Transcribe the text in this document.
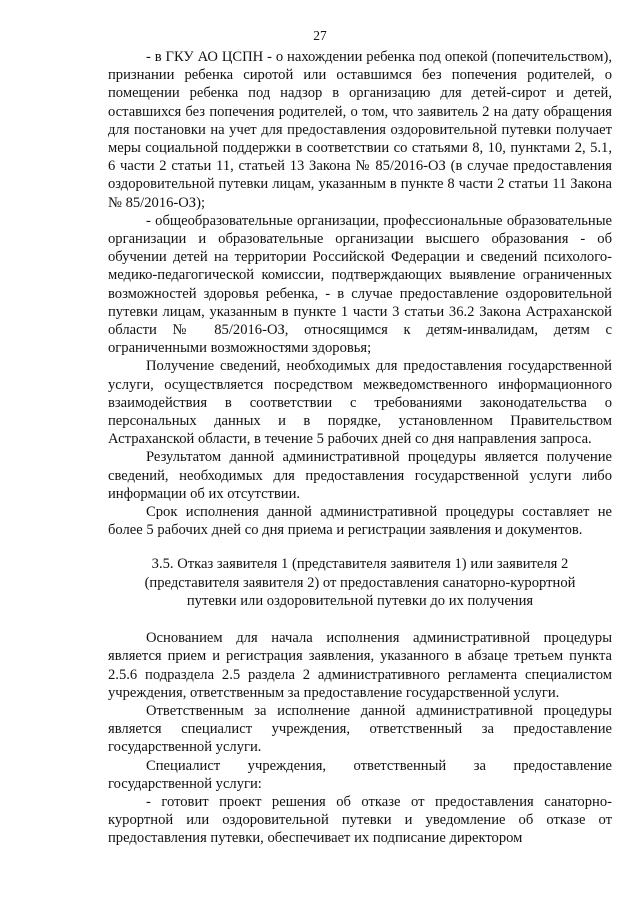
27

- в ГКУ АО ЦСПН - о нахождении ребенка под опекой (попечительством), признании ребенка сиротой или оставшимся без попечения родителей, о помещении ребенка под надзор в организацию для детей-сирот и детей, оставшихся без попечения родителей, о том, что заявитель 2 на дату обращения для постановки на учет для предоставления оздоровительной путевки получает меры социальной поддержки в соответствии со статьями 8, 10, пунктами 2, 5.1, 6 части 2 статьи 11, статьей 13 Закона № 85/2016-ОЗ (в случае предоставления оздоровительной путевки лицам, указанным в пункте 8 части 2 статьи 11 Закона № 85/2016-ОЗ);

- общеобразовательные организации, профессиональные образовательные организации и образовательные организации высшего образования - об обучении детей на территории Российской Федерации и сведений психолого-медико-педагогической комиссии, подтверждающих выявление ограниченных возможностей здоровья ребенка, - в случае предоставление оздоровительной путевки лицам, указанным в пункте 1 части 3 статьи 36.2 Закона Астраханской области № 85/2016-ОЗ, относящимся к детям-инвалидам, детям с ограниченными возможностями здоровья;

Получение сведений, необходимых для предоставления государственной услуги, осуществляется посредством межведомственного информационного взаимодействия в соответствии с требованиями законодательства о персональных данных и в порядке, установленном Правительством Астраханской области, в течение 5 рабочих дней со дня направления запроса.

Результатом данной административной процедуры является получение сведений, необходимых для предоставления государственной услуги либо информации об их отсутствии.

Срок исполнения данной административной процедуры составляет не более 5 рабочих дней со дня приема и регистрации заявления и документов.

3.5. Отказ заявителя 1 (представителя заявителя 1) или заявителя 2 (представителя заявителя 2) от предоставления санаторно-курортной путевки или оздоровительной путевки до их получения

Основанием для начала исполнения административной процедуры является прием и регистрация заявления, указанного в абзаце третьем пункта 2.5.6 подраздела 2.5 раздела 2 административного регламента специалистом учреждения, ответственным за предоставление государственной услуги.

Ответственным за исполнение данной административной процедуры является специалист учреждения, ответственный за предоставление государственной услуги.

Специалист учреждения, ответственный за предоставление государственной услуги:

- готовит проект решения об отказе от предоставления санаторно-курортной или оздоровительной путевки и уведомление об отказе от предоставления путевки, обеспечивает их подписание директором
